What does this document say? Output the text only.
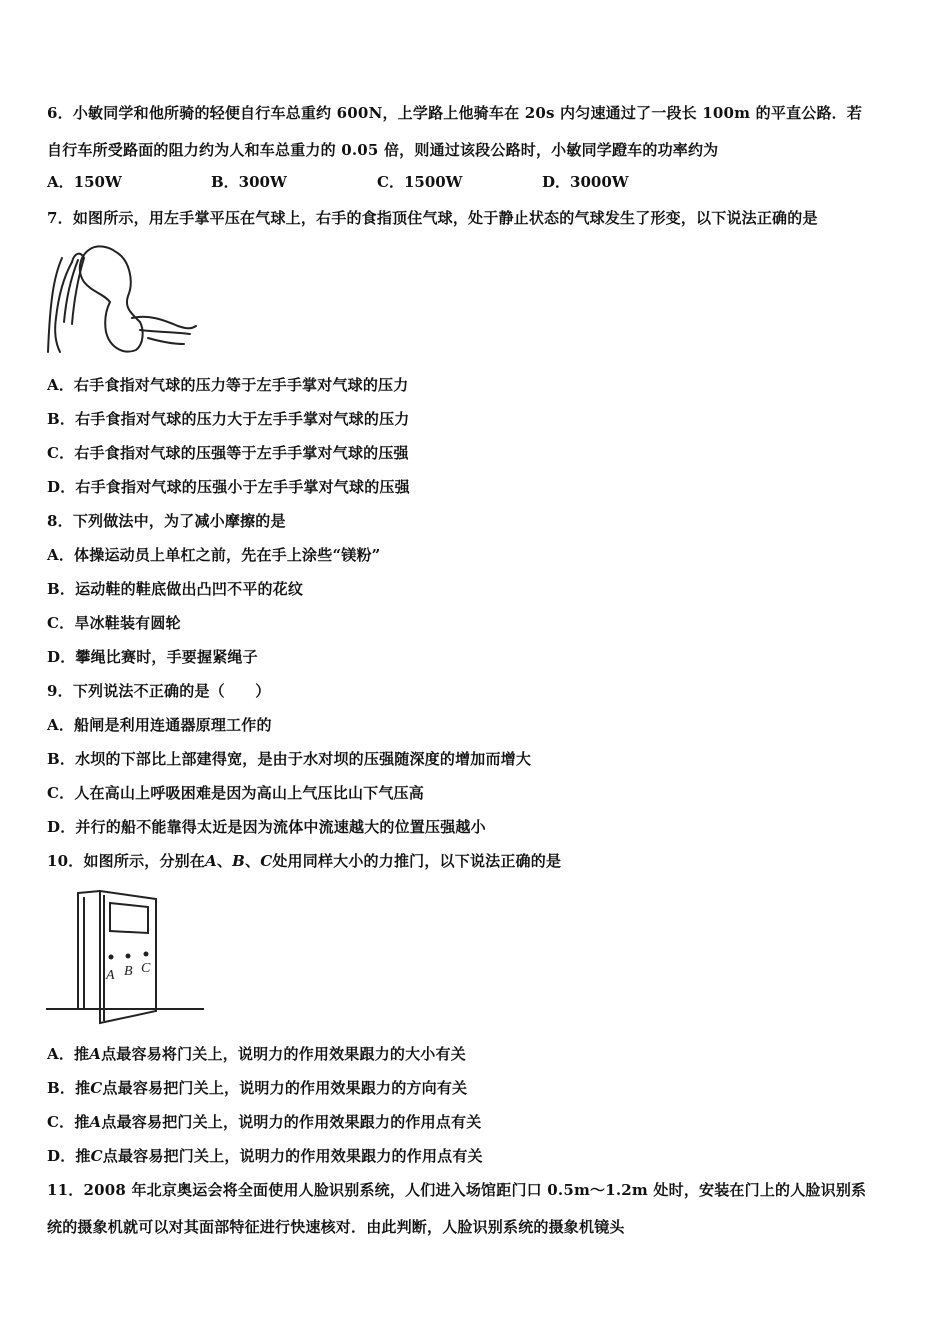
6．小敏同学和他所骑的轻便自行车总重约 600N，上学路上他骑车在 20s 内匀速通过了一段长 100m 的平直公路．若
自行车所受路面的阻力约为人和车总重力的 0.05 倍，则通过该段公路时，小敏同学蹬车的功率约为
A．150W	B．300W	C．1500W	D．3000W
7．如图所示，用左手掌平压在气球上，右手的食指顶住气球，处于静止状态的气球发生了形变，以下说法正确的是
A．右手食指对气球的压力等于左手手掌对气球的压力
B．右手食指对气球的压力大于左手手掌对气球的压力
C．右手食指对气球的压强等于左手手掌对气球的压强
D．右手食指对气球的压强小于左手手掌对气球的压强
8．下列做法中，为了减小摩擦的是
A．体操运动员上单杠之前，先在手上涂些“镁粉”
B．运动鞋的鞋底做出凸凹不平的花纹
C．旱冰鞋装有圆轮
D．攀绳比赛时，手要握紧绳子
9．下列说法不正确的是（　　）
A．船闸是利用连通器原理工作的
B．水坝的下部比上部建得宽，是由于水对坝的压强随深度的增加而增大
C．人在高山上呼吸困难是因为高山上气压比山下气压高
D．并行的船不能靠得太近是因为流体中流速越大的位置压强越小
10．如图所示，分别在A、B、C处用同样大小的力推门，以下说法正确的是
A B C
A．推A点最容易将门关上，说明力的作用效果跟力的大小有关
B．推C点最容易把门关上，说明力的作用效果跟力的方向有关
C．推A点最容易把门关上，说明力的作用效果跟力的作用点有关
D．推C点最容易把门关上，说明力的作用效果跟力的作用点有关
11．2008 年北京奥运会将全面使用人脸识别系统，人们进入场馆距门口 0.5m～1.2m 处时，安装在门上的人脸识别系
统的摄象机就可以对其面部特征进行快速核对．由此判断，人脸识别系统的摄象机镜头
